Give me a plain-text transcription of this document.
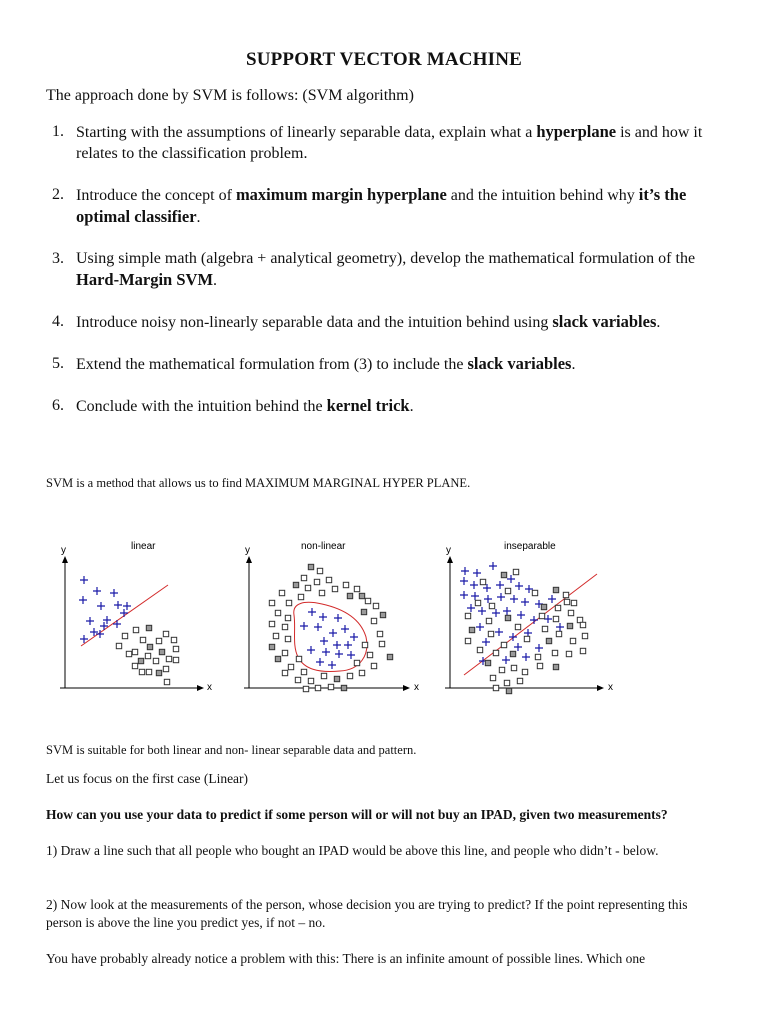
SUPPORT VECTOR MACHINE
The approach done by SVM is follows: (SVM algorithm)
1. Starting with the assumptions of linearly separable data, explain what a hyperplane is and how it relates to the classification problem.
2. Introduce the concept of maximum margin hyperplane and the intuition behind why it’s the optimal classifier.
3. Using simple math (algebra + analytical geometry), develop the mathematical formulation of the Hard-Margin SVM.
4. Introduce noisy non-linearly separable data and the intuition behind using slack variables.
5. Extend the mathematical formulation from (3) to include the slack variables.
6. Conclude with the intuition behind the kernel trick.
SVM is a method that allows us to find MAXIMUM MARGINAL HYPER PLANE.
linear
y
x
non-linear
y
x
inseparable
y
x
SVM is suitable for both linear and non- linear separable data and pattern.
Let us focus on the first case (Linear)
How can you use your data to predict if some person will or will not buy an IPAD, given two measurements?
1) Draw a line such that all people who bought an IPAD would be above this line, and people who didn’t - below.
2) Now look at the measurements of the person, whose decision you are trying to predict? If the point representing this person is above the line you predict yes, if not – no.
You have probably already notice a problem with this: There is an infinite amount of possible lines. Which one
